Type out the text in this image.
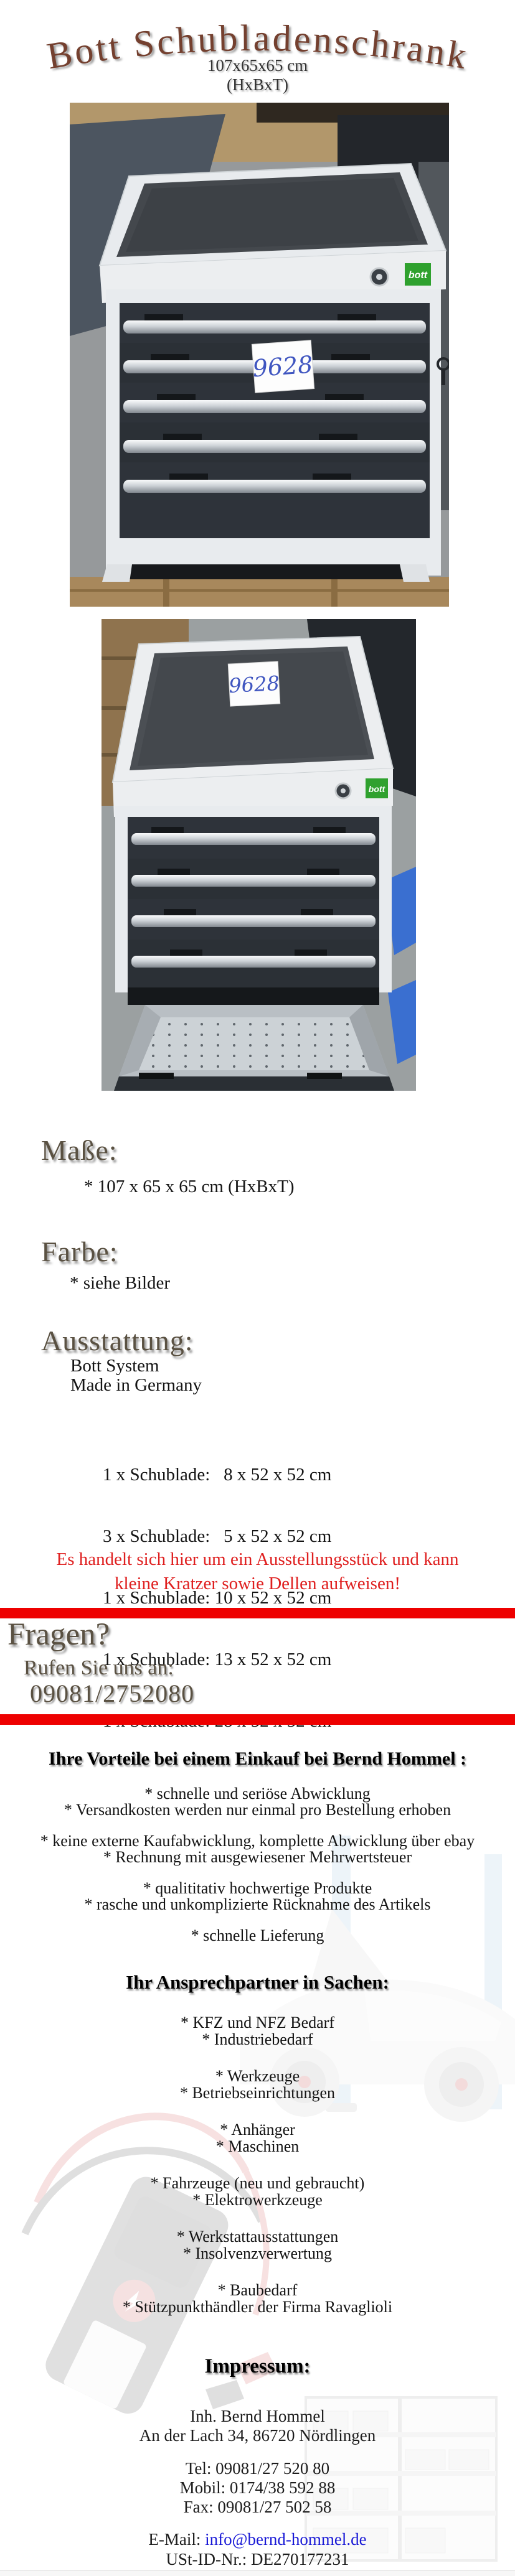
Bott Schubladenschrank
107x65x65 cm
(HxBxT)
bott
9628
bott
9628
Maße:
* 107 x 65 x 65 cm (HxBxT)
Farbe:
* siehe Bilder
Ausstattung:
Bott System
Made in Germany

1 x Schublade:   8 x 52 x 52 cm

3 x Schublade:   5 x 52 x 52 cm

1 x Schublade: 10 x 52 x 52 cm

1 x Schublade: 13 x 52 x 52 cm

Es handelt sich hier um ein Ausstellungsstück und kann
kleine Kratzer sowie Dellen aufweisen!
Fragen?
Rufen Sie uns an:
09081/2752080
Ihre Vorteile bei einem Einkauf bei Bernd Hommel :
* schnelle und seriöse Abwicklung
* Versandkosten werden nur einmal pro Bestellung erhoben
* keine externe Kaufabwicklung, komplette Abwicklung über ebay
* Rechnung mit ausgewiesener Mehrwertsteuer
* qualititativ hochwertige Produkte
* rasche und unkomplizierte Rücknahme des Artikels
* schnelle Lieferung
Ihr Ansprechpartner in Sachen:
* KFZ und NFZ Bedarf
* Industriebedarf
* Werkzeuge
* Betriebseinrichtungen
* Anhänger
* Maschinen
* Fahrzeuge (neu und gebraucht)
* Elektrowerkzeuge
* Werkstattausstattungen
* Insolvenzverwertung
* Baubedarf
* Stützpunkthändler der Firma Ravaglioli
Impressum:
Inh. Bernd Hommel
An der Lach 34, 86720 Nördlingen
Tel: 09081/27 520 80
Mobil: 0174/38 592 88
Fax: 09081/27 502 58
E-Mail: info@bernd-hommel.de
USt-ID-Nr.: DE270177231
